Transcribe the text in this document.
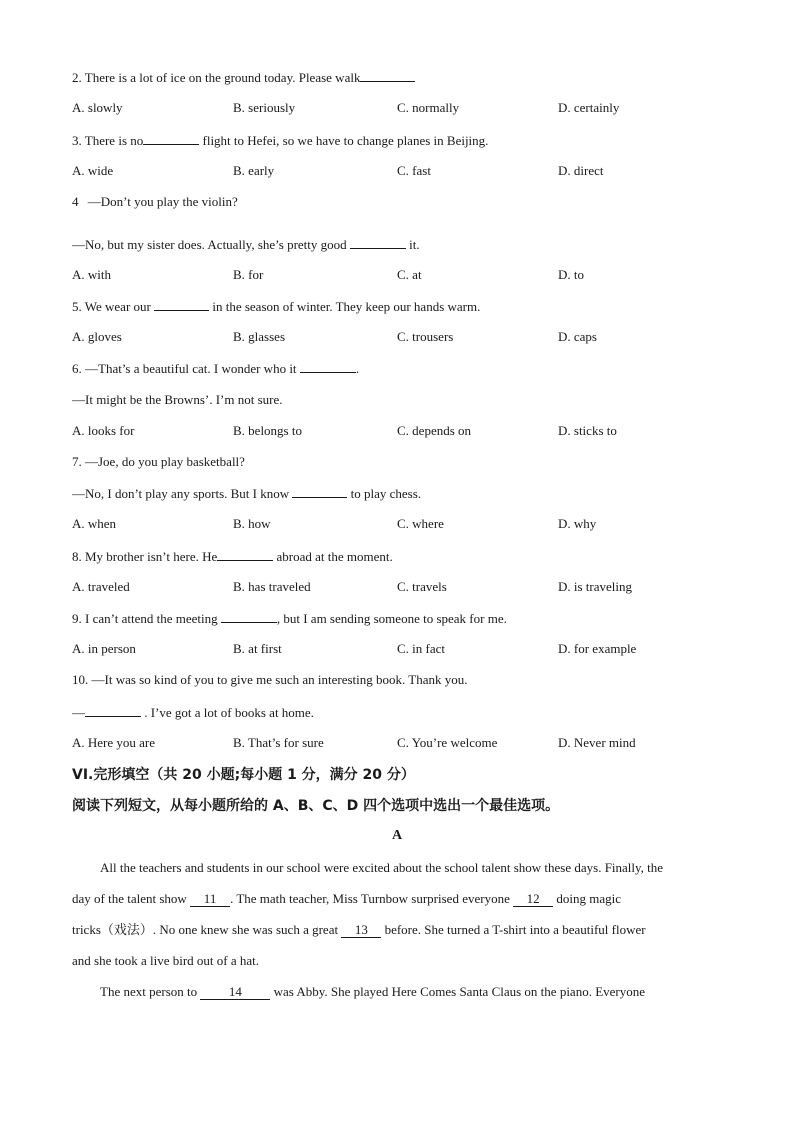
2. There is a lot of ice on the ground today. Please walk
A. slowly	B. seriously	C. normally	D. certainly
3. There is no	flight to Hefei, so we have to change planes in Beijing.
A. wide	B. early	C. fast	D. direct
4 —Don’t you play the violin?
—No, but my sister does. Actually, she’s pretty good	it.
A. with	B. for	C. at	D. to
5. We wear our	in the season of winter. They keep our hands warm.
A. gloves	B. glasses	C. trousers	D. caps
6. —That’s a beautiful cat. I wonder who it	.
—It might be the Browns’. I’m not sure.
A. looks for	B. belongs to	C. depends on	D. sticks to
7. —Joe, do you play basketball?
—No, I don’t play any sports. But I know	to play chess.
A. when	B. how	C. where	D. why
8. My brother isn’t here. He	abroad at the moment.
A. traveled	B. has traveled	C. travels	D. is traveling
9. I can’t attend the meeting	, but I am sending someone to speak for me.
A. in person	B. at first	C. in fact	D. for example
10. —It was so kind of you to give me such an interesting book. Thank you.
—	. I’ve got a lot of books at home.
A. Here you are	B. That’s for sure	C. You’re welcome	D. Never mind
VI.完形填空（共 20 小题;每小题 1 分，满分 20 分）
阅读下列短文，从每小题所给的 A、B、C、D 四个选项中选出一个最佳选项。
A
All the teachers and students in our school were excited about the school talent show these days. Finally, the
day of the talent show 11 . The math teacher, Miss Turnbow surprised everyone 12 doing magic
tricks（戏法）. No one knew she was such a great 13 before. She turned a T-shirt into a beautiful flower
and she took a live bird out of a hat.
The next person to 14 was Abby. She played Here Comes Santa Claus on the piano. Everyone
